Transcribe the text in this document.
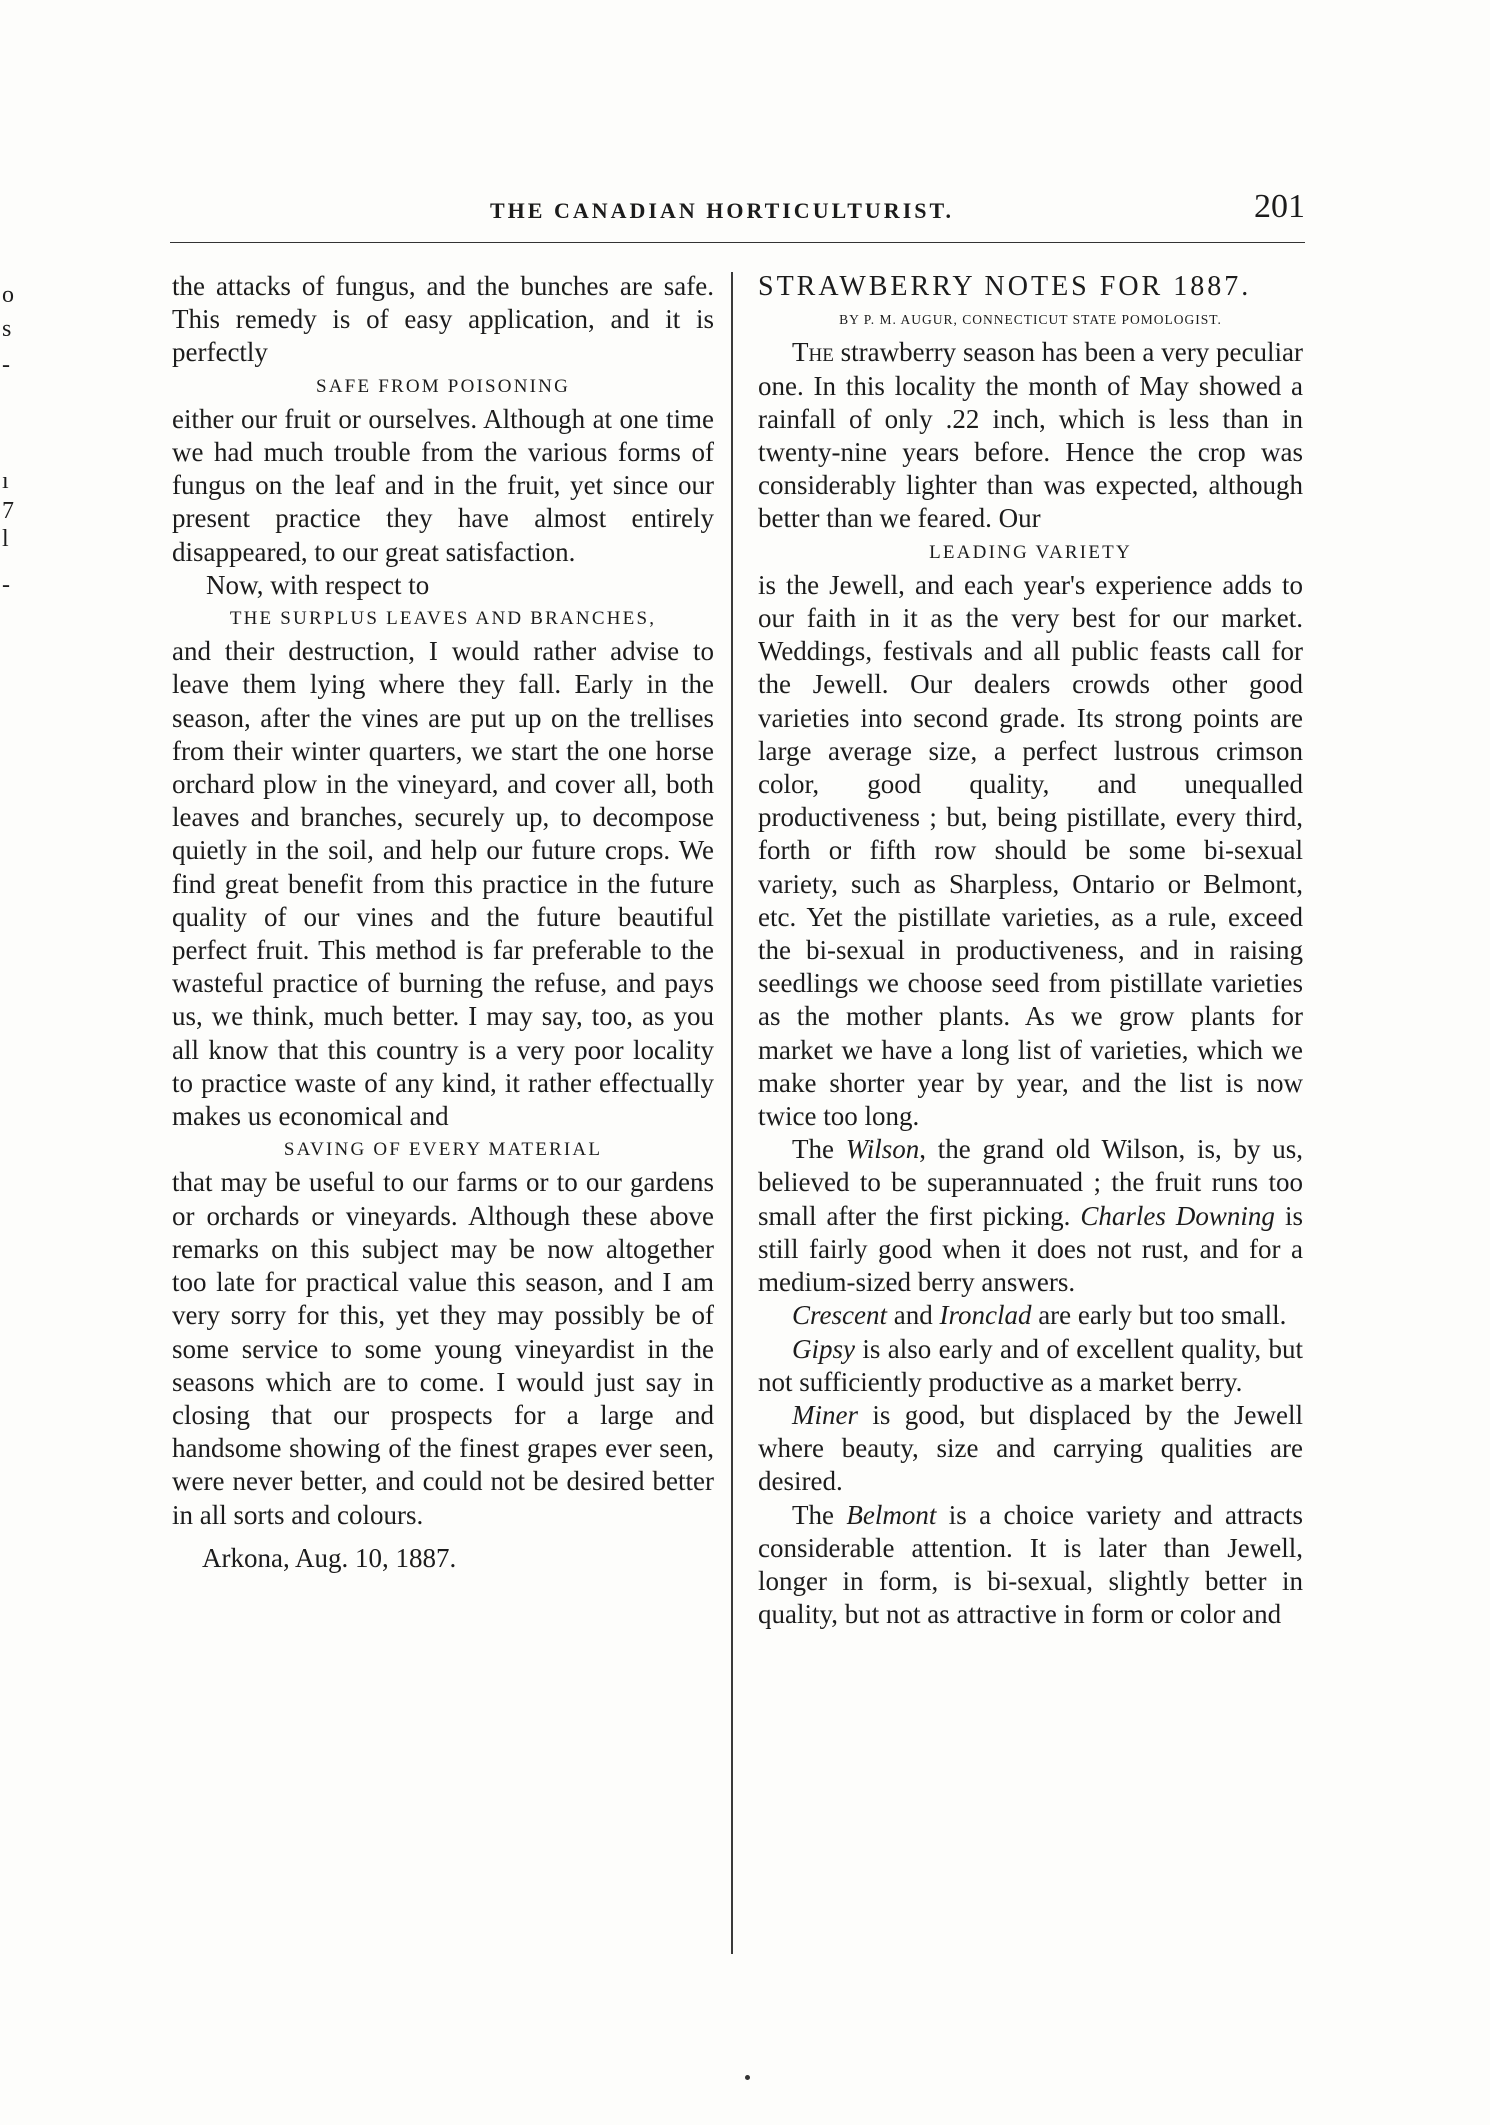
THE CANADIAN HORTICULTURIST.	201
o
s
-
ı
7
l
-

the attacks of fungus, and the bunches are safe. This remedy is of easy application, and it is perfectly

SAFE FROM POISONING

either our fruit or ourselves. Although at one time we had much trouble from the various forms of fungus on the leaf and in the fruit, yet since our present practice they have almost entirely disappeared, to our great satisfaction.

Now, with respect to

THE SURPLUS LEAVES AND BRANCHES,

and their destruction, I would rather advise to leave them lying where they fall. Early in the season, after the vines are put up on the trellises from their winter quarters, we start the one horse orchard plow in the vineyard, and cover all, both leaves and branches, securely up, to decompose quietly in the soil, and help our future crops. We find great benefit from this practice in the future quality of our vines and the future beautiful perfect fruit. This method is far preferable to the wasteful practice of burning the refuse, and pays us, we think, much better. I may say, too, as you all know that this country is a very poor locality to practice waste of any kind, it rather effectually makes us economical and

SAVING OF EVERY MATERIAL

that may be useful to our farms or to our gardens or orchards or vineyards. Although these above remarks on this subject may be now altogether too late for practical value this season, and I am very sorry for this, yet they may possibly be of some service to some young vineyardist in the seasons which are to come. I would just say in closing that our prospects for a large and handsome showing of the finest grapes ever seen, were never better, and could not be desired better in all sorts and colours.

Arkona, Aug. 10, 1887.

STRAWBERRY NOTES FOR 1887.

BY P. M. AUGUR, CONNECTICUT STATE POMOLOGIST.

The strawberry season has been a very peculiar one. In this locality the month of May showed a rainfall of only .22 inch, which is less than in twenty-nine years before. Hence the crop was considerably lighter than was expected, although better than we feared. Our

LEADING VARIETY

is the Jewell, and each year's experience adds to our faith in it as the very best for our market. Weddings, festivals and all public feasts call for the Jewell. Our dealers crowds other good varieties into second grade. Its strong points are large average size, a perfect lustrous crimson color, good quality, and unequalled productiveness ; but, being pistillate, every third, forth or fifth row should be some bi-sexual variety, such as Sharpless, Ontario or Belmont, etc. Yet the pistillate varieties, as a rule, exceed the bi-sexual in productiveness, and in raising seedlings we choose seed from pistillate varieties as the mother plants. As we grow plants for market we have a long list of varieties, which we make shorter year by year, and the list is now twice too long.

The Wilson, the grand old Wilson, is, by us, believed to be superannuated ; the fruit runs too small after the first picking. Charles Downing is still fairly good when it does not rust, and for a medium-sized berry answers.

Crescent and Ironclad are early but too small.

Gipsy is also early and of excellent quality, but not sufficiently productive as a market berry.

Miner is good, but displaced by the Jewell where beauty, size and carrying qualities are desired.

The Belmont is a choice variety and attracts considerable attention. It is later than Jewell, longer in form, is bi-sexual, slightly better in quality, but not as attractive in form or color and
